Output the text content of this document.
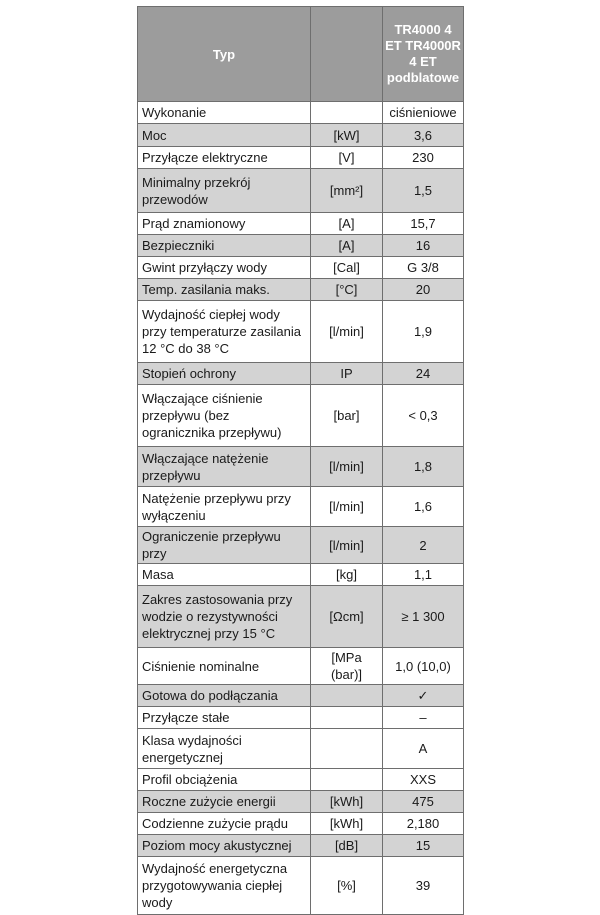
Typ		TR4000 4 ET TR4000R 4 ET podblatowe
Wykonanie		ciśnieniowe
Moc	[kW]	3,6
Przyłącze elektryczne	[V]	230
Minimalny przekrój przewodów	[mm²]	1,5
Prąd znamionowy	[A]	15,7
Bezpieczniki	[A]	16
Gwint przyłączy wody	[Cal]	G 3/8
Temp. zasilania maks.	[°C]	20
Wydajność ciepłej wody przy temperaturze zasilania 12 °C do 38 °C	[l/min]	1,9
Stopień ochrony	IP	24
Włączające ciśnienie przepływu (bez ogranicznika przepływu)	[bar]	< 0,3
Włączające natężenie przepływu	[l/min]	1,8
Natężenie przepływu przy wyłączeniu	[l/min]	1,6
Ograniczenie przepływu przy	[l/min]	2
Masa	[kg]	1,1
Zakres zastosowania przy wodzie o rezystywności elektrycznej przy 15 °C	[Ωcm]	≥ 1 300
Ciśnienie nominalne	[MPa (bar)]	1,0 (10,0)
Gotowa do podłączania		✓
Przyłącze stałe		–
Klasa wydajności energetycznej		A
Profil obciążenia		XXS
Roczne zużycie energii	[kWh]	475
Codzienne zużycie prądu	[kWh]	2,180
Poziom mocy akustycznej	[dB]	15
Wydajność energetyczna przygotowywania ciepłej wody	[%]	39
